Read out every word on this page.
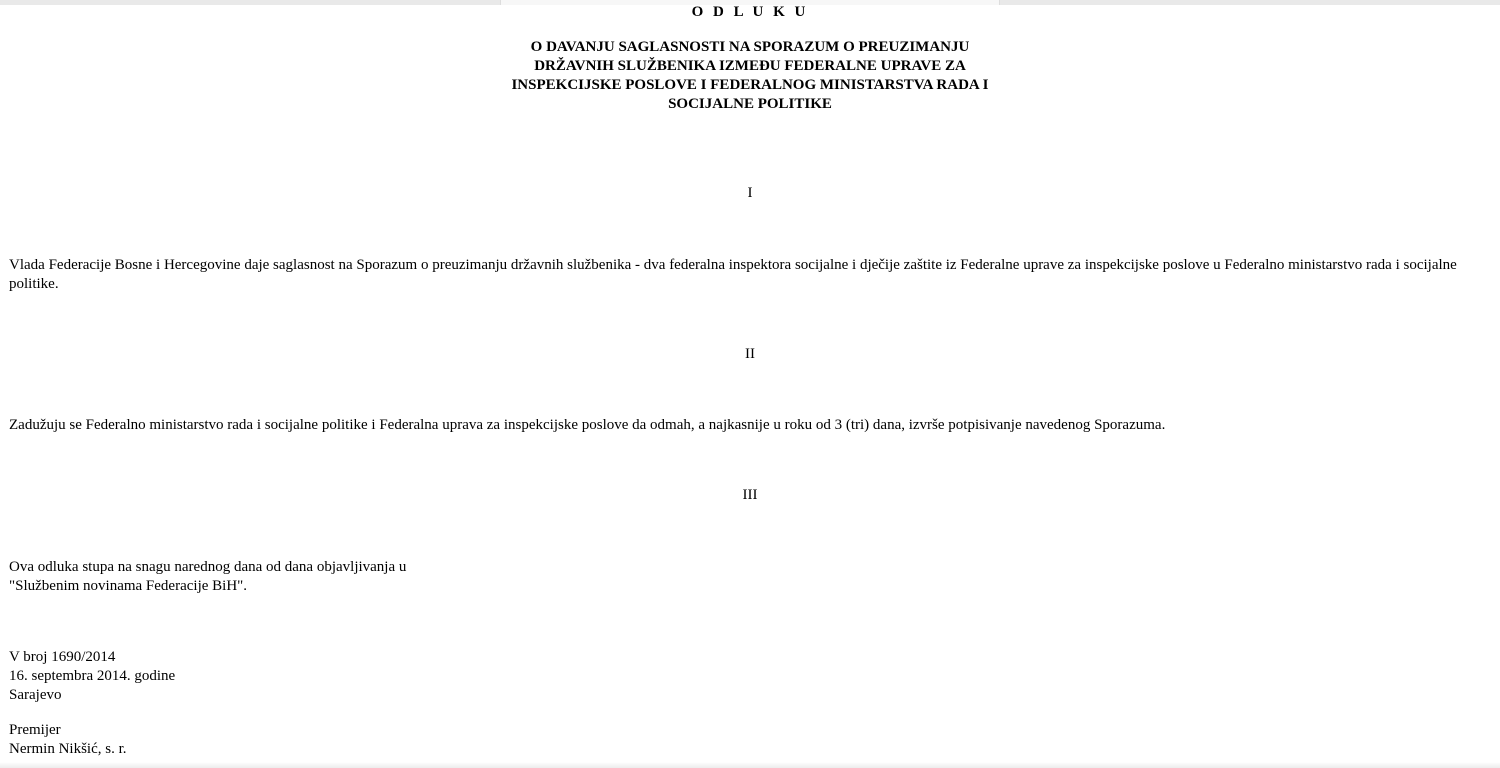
O D L U K U
O DAVANJU SAGLASNOSTI NA SPORAZUM O PREUZIMANJU DRŽAVNIH SLUŽBENIKA IZMEĐU FEDERALNE UPRAVE ZA INSPEKCIJSKE POSLOVE I FEDERALNOG MINISTARSTVA RADA I SOCIJALNE POLITIKE
I
Vlada Federacije Bosne i Hercegovine daje saglasnost na Sporazum o preuzimanju državnih službenika - dva federalna inspektora socijalne i dječije zaštite iz Federalne uprave za inspekcijske poslove u Federalno ministarstvo rada i socijalne politike.
II
Zadužuju se Federalno ministarstvo rada i socijalne politike i Federalna uprava za inspekcijske poslove da odmah, a najkasnije u roku od 3 (tri) dana, izvrše potpisivanje navedenog Sporazuma.
III
Ova odluka stupa na snagu narednog dana od dana objavljivanja u "Službenim novinama Federacije BiH".
V broj 1690/2014
16. septembra 2014. godine
Sarajevo
Premijer
Nermin Nikšić, s. r.
